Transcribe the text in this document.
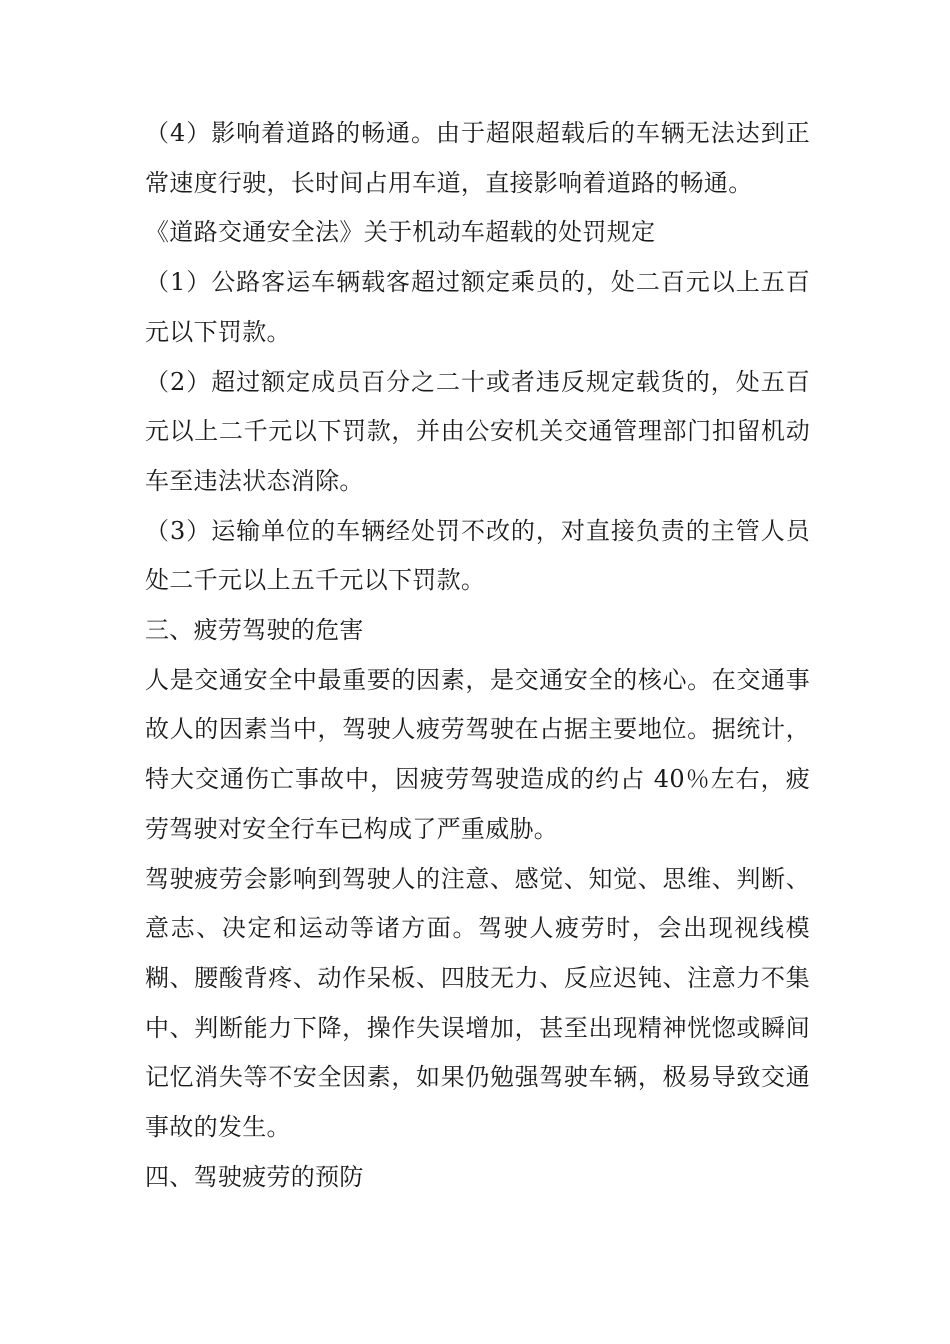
（4）影响着道路的畅通。由于超限超载后的车辆无法达到正常速度行驶，长时间占用车道，直接影响着道路的畅通。

《道路交通安全法》关于机动车超载的处罚规定

（1）公路客运车辆载客超过额定乘员的，处二百元以上五百元以下罚款。

（2）超过额定成员百分之二十或者违反规定载货的，处五百元以上二千元以下罚款，并由公安机关交通管理部门扣留机动车至违法状态消除。

（3）运输单位的车辆经处罚不改的，对直接负责的主管人员处二千元以上五千元以下罚款。

三、疲劳驾驶的危害

人是交通安全中最重要的因素，是交通安全的核心。在交通事故人的因素当中，驾驶人疲劳驾驶在占据主要地位。据统计，特大交通伤亡事故中，因疲劳驾驶造成的约占 40％左右，疲劳驾驶对安全行车已构成了严重威胁。

驾驶疲劳会影响到驾驶人的注意、感觉、知觉、思维、判断、意志、决定和运动等诸方面。驾驶人疲劳时，会出现视线模糊、腰酸背疼、动作呆板、四肢无力、反应迟钝、注意力不集中、判断能力下降，操作失误增加，甚至出现精神恍惚或瞬间记忆消失等不安全因素，如果仍勉强驾驶车辆，极易导致交通事故的发生。

四、驾驶疲劳的预防
